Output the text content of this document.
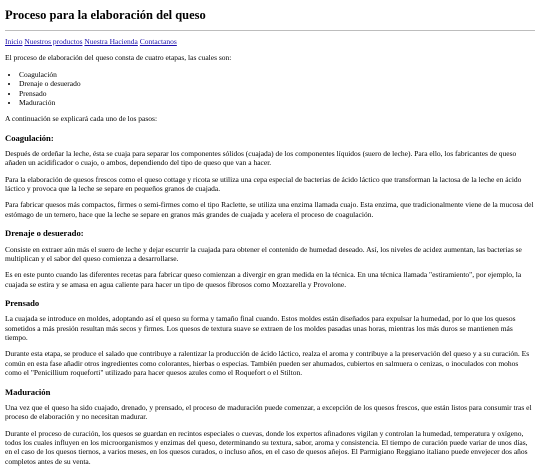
Proceso para la elaboración del queso
Inicio Nuestros productos Nuestra Hacienda Contactanos

El proceso de elaboración del queso consta de cuatro etapas, las cuales son:

• Coagulación
• Drenaje o desuerado
• Prensado
• Maduración

A continuación se explicará cada uno de los pasos:

Coagulación:

Después de ordeñar la leche, ésta se cuaja para separar los componentes sólidos (cuajada) de los componentes líquidos (suero de leche). Para ello, los fabricantes de queso añaden un acidificador o cuajo, o ambos, dependiendo del tipo de queso que van a hacer.

Para la elaboración de quesos frescos como el queso cottage y ricota se utiliza una cepa especial de bacterias de ácido láctico que transforman la lactosa de la leche en ácido láctico y provoca que la leche se separe en pequeños granos de cuajada.

Para fabricar quesos más compactos, firmes o semi-firmes como el tipo Raclette, se utiliza una enzima llamada cuajo. Esta enzima, que tradicionalmente viene de la mucosa del estómago de un ternero, hace que la leche se separe en granos más grandes de cuajada y acelera el proceso de coagulación.

Drenaje o desuerado:

Consiste en extraer aún más el suero de leche y dejar escurrir la cuajada para obtener el contenido de humedad deseado. Así, los niveles de acidez aumentan, las bacterias se multiplican y el sabor del queso comienza a desarrollarse.

Es en este punto cuando las diferentes recetas para fabricar queso comienzan a divergir en gran medida en la técnica. En una técnica llamada "estiramiento", por ejemplo, la cuajada se estira y se amasa en agua caliente para hacer un tipo de quesos fibrosos como Mozzarella y Provolone.

Prensado

La cuajada se introduce en moldes, adoptando así el queso su forma y tamaño final cuando. Estos moldes están diseñados para expulsar la humedad, por lo que los quesos sometidos a más presión resultan más secos y firmes. Los quesos de textura suave se extraen de los moldes pasadas unas horas, mientras los más duros se mantienen más tiempo.

Durante esta etapa, se produce el salado que contribuye a ralentizar la producción de ácido láctico, realza el aroma y contribuye a la preservación del queso y a su curación. Es común en esta fase añadir otros ingredientes como colorantes, hierbas o especias. También pueden ser ahumados, cubiertos en salmuera o cenizas, o inoculados con mohos como el "Penicillium roqueforti" utilizado para hacer quesos azules como el Roquefort o el Stilton.

Maduración

Una vez que el queso ha sido cuajado, drenado, y prensado, el proceso de maduración puede comenzar, a excepción de los quesos frescos, que están listos para consumir tras el proceso de elaboración y no necesitan madurar.

Durante el proceso de curación, los quesos se guardan en recintos especiales o cuevas, donde los expertos afinadores vigilan y controlan la humedad, temperatura y oxígeno, todos los cuales influyen en los microorganismos y enzimas del queso, determinando su textura, sabor, aroma y consistencia. El tiempo de curación puede variar de unos días, en el caso de los quesos tiernos, a varios meses, en los quesos curados, o incluso años, en el caso de quesos añejos. El Parmigiano Reggiano italiano puede envejecer dos años completos antes de su venta.
